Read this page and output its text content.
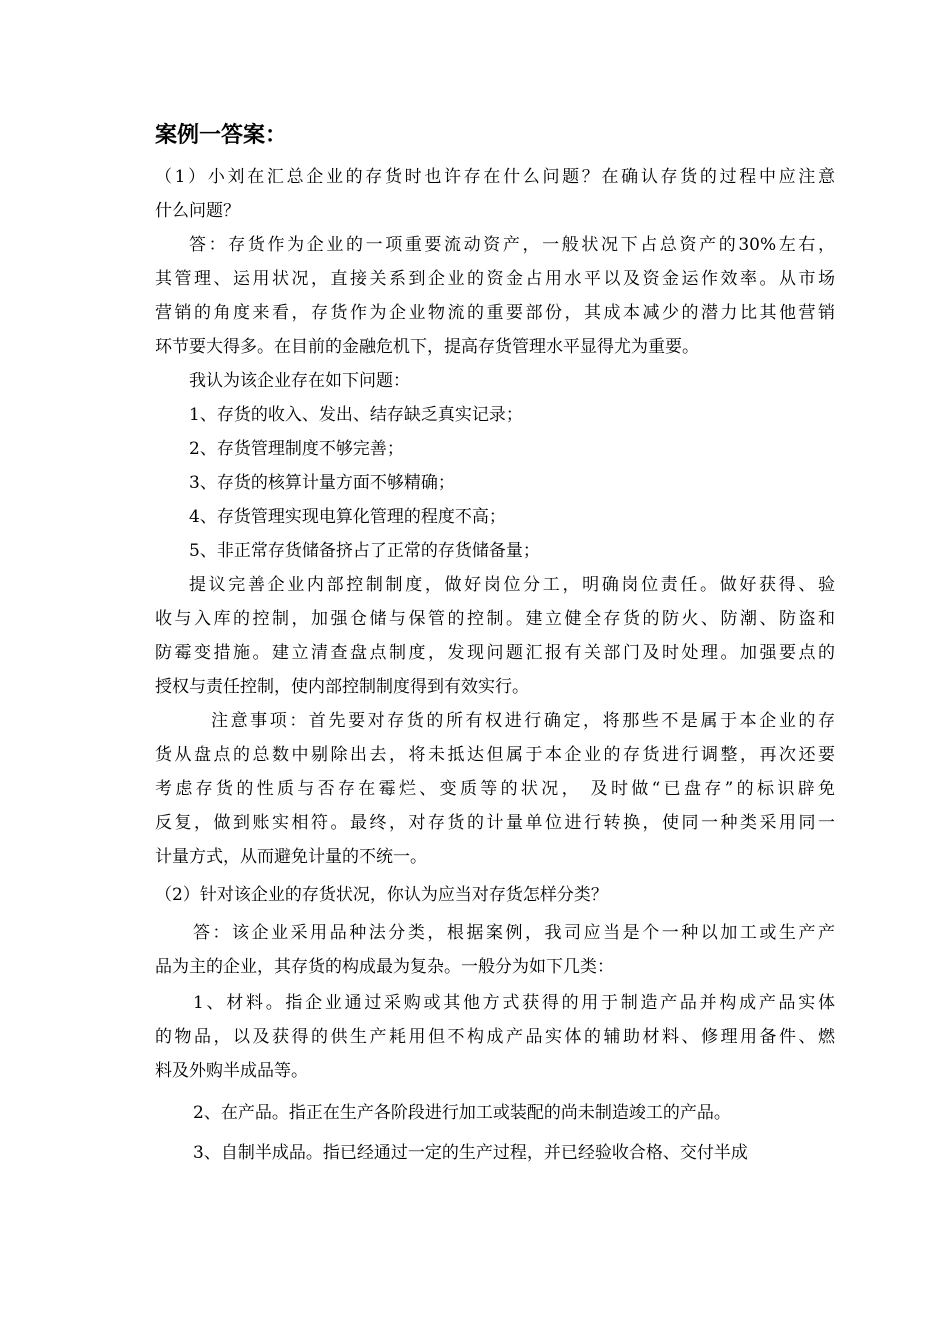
案例一答案：
（1）小刘在汇总企业的存货时也许存在什么问题？在确认存货的过程中应注意
什么问题？
答：存货作为企业的一项重要流动资产，一般状况下占总资产的30%左右，
其管理、运用状况，直接关系到企业的资金占用水平以及资金运作效率。从市场
营销的角度来看，存货作为企业物流的重要部份，其成本减少的潜力比其他营销
环节要大得多。在目前的金融危机下，提高存货管理水平显得尤为重要。
我认为该企业存在如下问题：
1、存货的收入、发出、结存缺乏真实记录；
2、存货管理制度不够完善；
3、存货的核算计量方面不够精确；
4、存货管理实现电算化管理的程度不高；
5、非正常存货储备挤占了正常的存货储备量；
提议完善企业内部控制制度，做好岗位分工，明确岗位责任。做好获得、验
收与入库的控制，加强仓储与保管的控制。建立健全存货的防火、防潮、防盗和
防霉变措施。建立清查盘点制度，发现问题汇报有关部门及时处理。加强要点的
授权与责任控制，使内部控制制度得到有效实行。
注意事项：首先要对存货的所有权进行确定，将那些不是属于本企业的存
货从盘点的总数中剔除出去，将未抵达但属于本企业的存货进行调整，再次还要
考虑存货的性质与否存在霉烂、变质等的状况， 及时做“已盘存”的标识辟免
反复，做到账实相符。最终，对存货的计量单位进行转换，使同一种类采用同一
计量方式，从而避免计量的不统一。
（2）针对该企业的存货状况，你认为应当对存货怎样分类？
答：该企业采用品种法分类，根据案例，我司应当是个一种以加工或生产产
品为主的企业，其存货的构成最为复杂。一般分为如下几类：
1、材料。指企业通过采购或其他方式获得的用于制造产品并构成产品实体
的物品，以及获得的供生产耗用但不构成产品实体的辅助材料、修理用备件、燃
料及外购半成品等。
2、在产品。指正在生产各阶段进行加工或装配的尚未制造竣工的产品。
3、自制半成品。指已经通过一定的生产过程，并已经验收合格、交付半成
